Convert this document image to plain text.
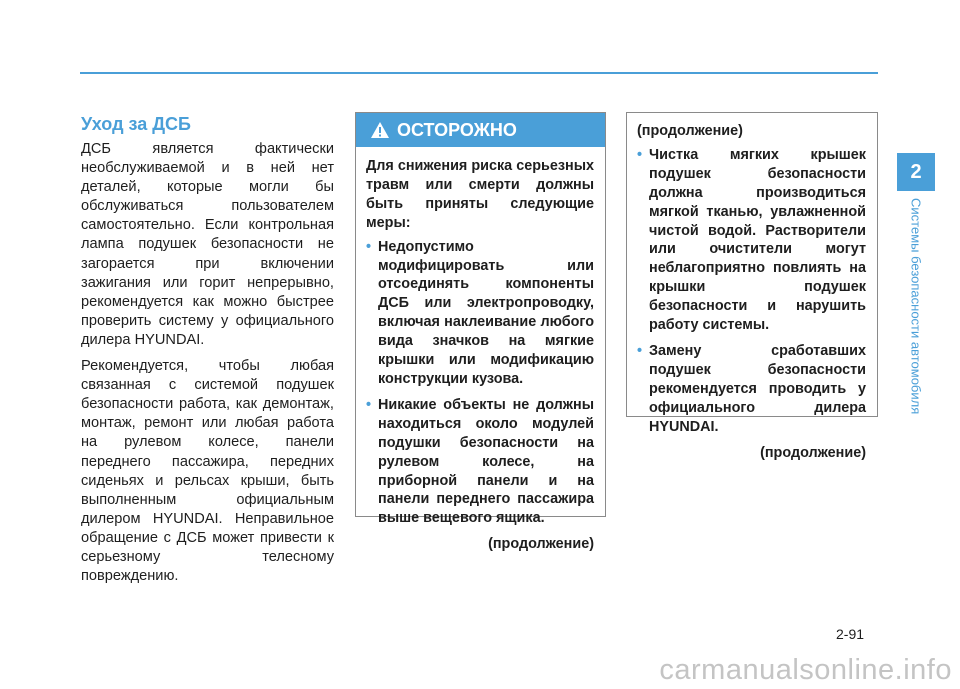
Уход за ДСБ

ДСБ является фактически необслуживаемой и в ней нет деталей, которые могли бы обслуживаться пользователем самостоятельно. Если контрольная лампа подушек безопасности не загорается при включении зажигания или горит непрерывно, рекомендуется как можно быстрее проверить систему у официального дилера HYUNDAI.

Рекомендуется, чтобы любая связанная с системой подушек безопасности работа, как демонтаж, монтаж, ремонт или любая работа на рулевом колесе, панели переднего пассажира, передних сиденьях и рельсах крыши, быть выполненным официальным дилером HYUNDAI. Неправильное обращение с ДСБ может привести к серьезному телесному повреждению.

ОСТОРОЖНО

Для снижения риска серьезных травм или смерти должны быть приняты следующие меры:

• Недопустимо модифицировать или отсоединять компоненты ДСБ или электропроводку, включая наклеивание любого вида значков на мягкие крышки или модификацию конструкции кузова.
• Никакие объекты не должны находиться около модулей подушки безопасности на рулевом колесе, на приборной панели и на панели переднего пассажира выше вещевого ящика.
(продолжение)

(продолжение)

• Чистка мягких крышек подушек безопасности должна производиться мягкой тканью, увлажненной чистой водой. Растворители или очистители могут неблагоприятно повлиять на крышки подушек безопасности и нарушить работу системы.
• Замену сработавших подушек безопасности рекомендуется проводить у официального дилера HYUNDAI.
(продолжение)
2
Системы безопасности автомобиля
2-91
carmanualsonline.info
